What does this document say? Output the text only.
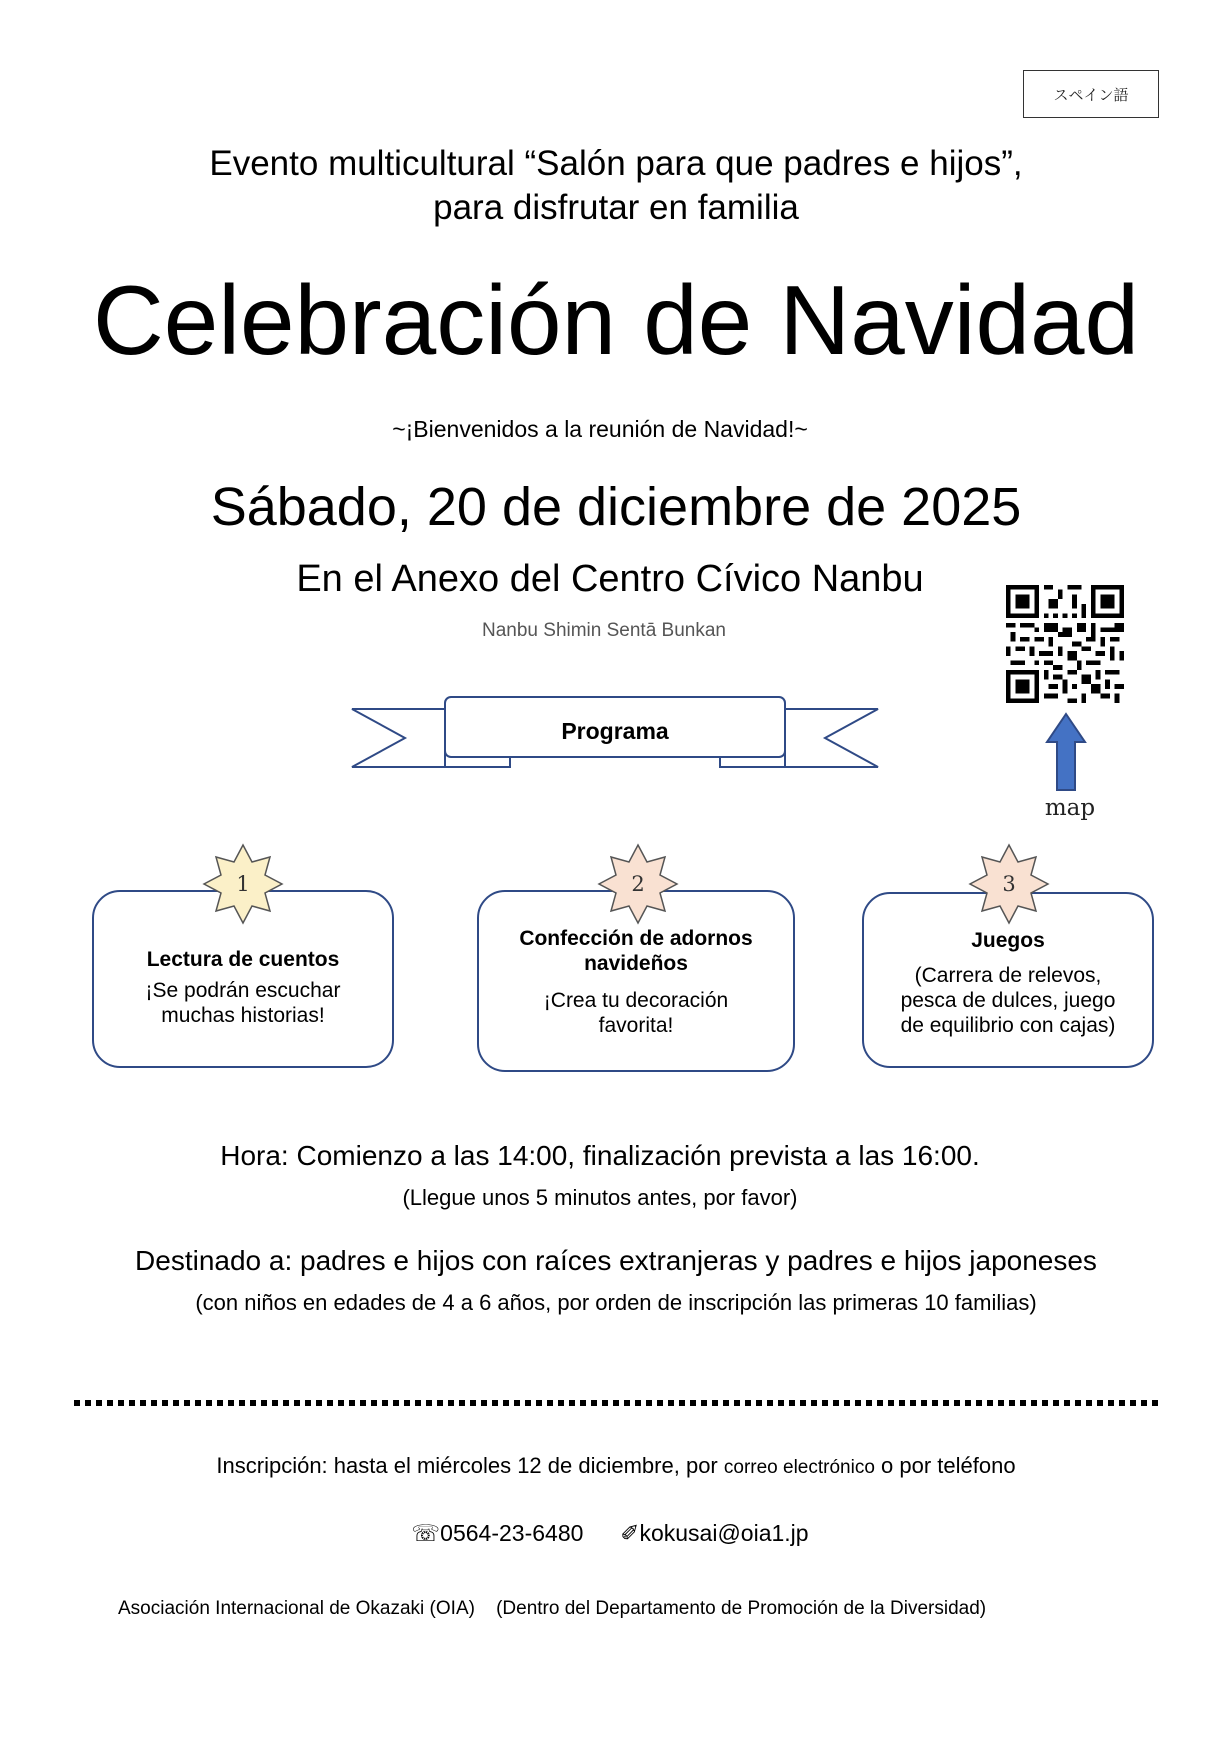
スペイン語
Evento multicultural “Salón para que padres e hijos”,
para disfrutar en familia
Celebración de Navidad
~¡Bienvenidos a la reunión de Navidad!~
Sábado, 20 de diciembre de 2025
En el Anexo del Centro Cívico Nanbu
Nanbu Shimin Sentā Bunkan
map
Programa
Lectura de cuentos
¡Se podrán escuchar
muchas historias!
1
Confección de adornos
navideños
¡Crea tu decoración
favorita!
2
Juegos
(Carrera de relevos,
pesca de dulces, juego
de equilibrio con cajas)
3
Hora: Comienzo a las 14:00, finalización prevista a las 16:00.
(Llegue unos 5 minutos antes, por favor)
Destinado a: padres e hijos con raíces extranjeras y padres e hijos japoneses
(con niños en edades de 4 a 6 años, por orden de inscripción las primeras 10 familias)
Inscripción: hasta el miércoles 12 de diciembre, por correo electrónico o por teléfono
☏0564-23-6480 ✐kokusai@oia1.jp
Asociación Internacional de Okazaki (OIA) (Dentro del Departamento de Promoción de la Diversidad)
